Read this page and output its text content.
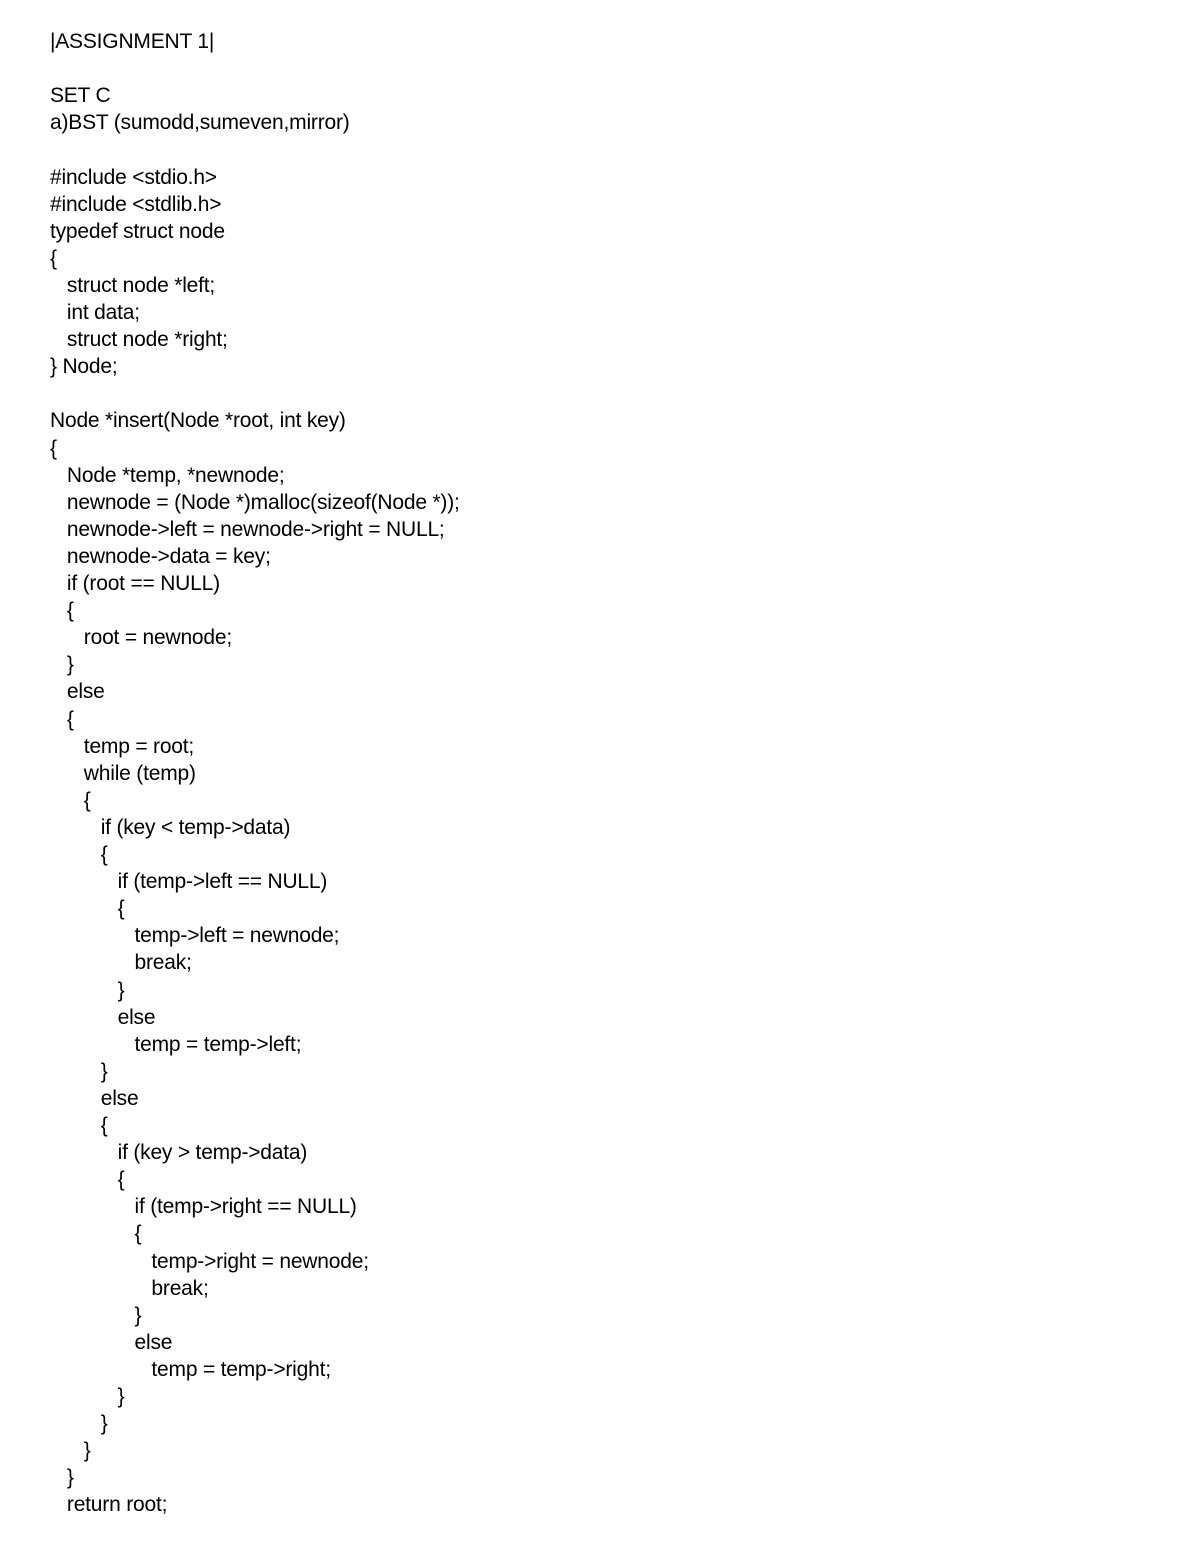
|ASSIGNMENT 1|
SET C
a)BST (sumodd,sumeven,mirror)
#include <stdio.h>
#include <stdlib.h>
typedef struct node
{
struct node *left;
int data;
struct node *right;
} Node;
Node *insert(Node *root, int key)
{
Node *temp, *newnode;
newnode = (Node *)malloc(sizeof(Node *));
newnode->left = newnode->right = NULL;
newnode->data = key;
if (root == NULL)
{
root = newnode;
}
else
{
temp = root;
while (temp)
{
if (key < temp->data)
{
if (temp->left == NULL)
{
temp->left = newnode;
break;
}
else
temp = temp->left;
}
else
{
if (key > temp->data)
{
if (temp->right == NULL)
{
temp->right = newnode;
break;
}
else
temp = temp->right;
}
}
}
}
return root;
